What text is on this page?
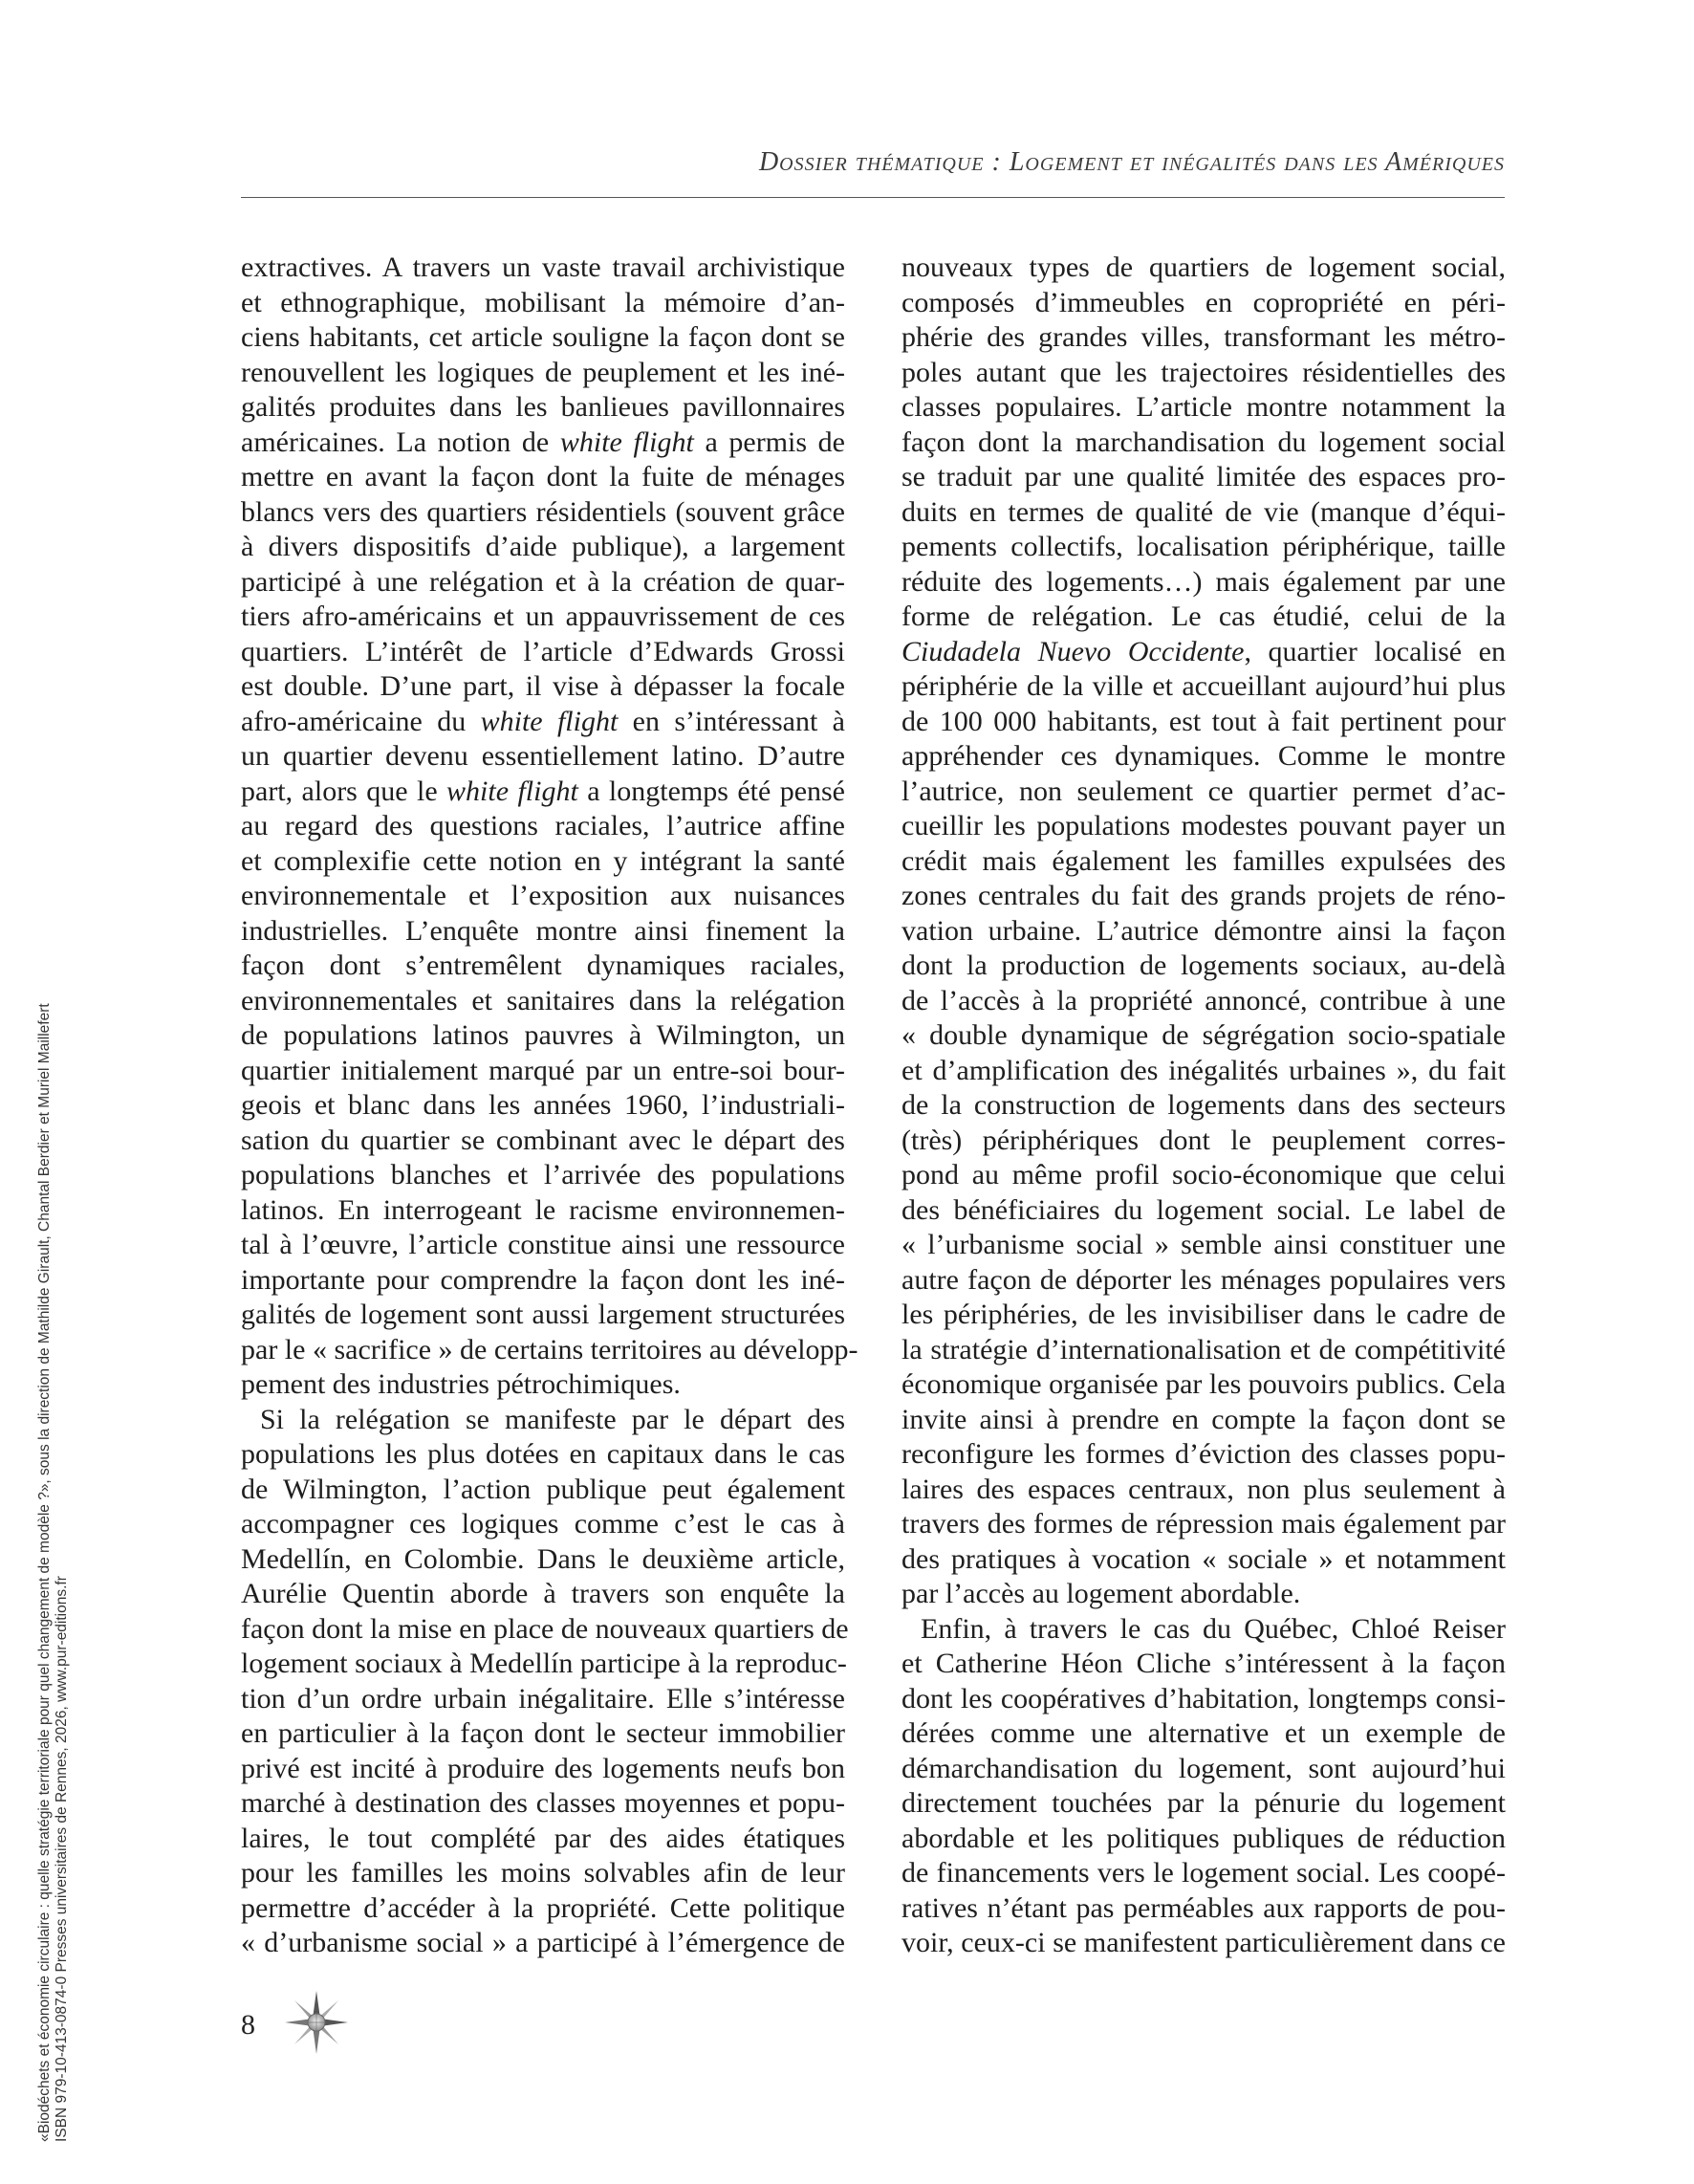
Dossier thématique : Logement et inégalités dans les Amériques
extractives. A travers un vaste travail archivistique
et ethnographique, mobilisant la mémoire d’an-
ciens habitants, cet article souligne la façon dont se
renouvellent les logiques de peuplement et les iné-
galités produites dans les banlieues pavillonnaires
américaines. La notion de white flight a permis de
mettre en avant la façon dont la fuite de ménages
blancs vers des quartiers résidentiels (souvent grâce
à divers dispositifs d’aide publique), a largement
participé à une relégation et à la création de quar-
tiers afro-américains et un appauvrissement de ces
quartiers. L’intérêt de l’article d’Edwards Grossi
est double. D’une part, il vise à dépasser la focale
afro-américaine du white flight en s’intéressant à
un quartier devenu essentiellement latino. D’autre
part, alors que le white flight a longtemps été pensé
au regard des questions raciales, l’autrice affine
et complexifie cette notion en y intégrant la santé
environnementale et l’exposition aux nuisances
industrielles. L’enquête montre ainsi finement la
façon dont s’entremêlent dynamiques raciales,
environnementales et sanitaires dans la relégation
de populations latinos pauvres à Wilmington, un
quartier initialement marqué par un entre-soi bour-
geois et blanc dans les années 1960, l’industriali-
sation du quartier se combinant avec le départ des
populations blanches et l’arrivée des populations
latinos. En interrogeant le racisme environnemen-
tal à l’œuvre, l’article constitue ainsi une ressource
importante pour comprendre la façon dont les iné-
galités de logement sont aussi largement structurées
par le « sacrifice » de certains territoires au développ-
pement des industries pétrochimiques.
Si la relégation se manifeste par le départ des
populations les plus dotées en capitaux dans le cas
de Wilmington, l’action publique peut également
accompagner ces logiques comme c’est le cas à
Medellín, en Colombie. Dans le deuxième article,
Aurélie Quentin aborde à travers son enquête la
façon dont la mise en place de nouveaux quartiers de
logement sociaux à Medellín participe à la reproduc-
tion d’un ordre urbain inégalitaire. Elle s’intéresse
en particulier à la façon dont le secteur immobilier
privé est incité à produire des logements neufs bon
marché à destination des classes moyennes et popu-
laires, le tout complété par des aides étatiques
pour les familles les moins solvables afin de leur
permettre d’accéder à la propriété. Cette politique
« d’urbanisme social » a participé à l’émergence de
nouveaux types de quartiers de logement social,
composés d’immeubles en copropriété en péri-
phérie des grandes villes, transformant les métro-
poles autant que les trajectoires résidentielles des
classes populaires. L’article montre notamment la
façon dont la marchandisation du logement social
se traduit par une qualité limitée des espaces pro-
duits en termes de qualité de vie (manque d’équi-
pements collectifs, localisation périphérique, taille
réduite des logements…) mais également par une
forme de relégation. Le cas étudié, celui de la
Ciudadela Nuevo Occidente, quartier localisé en
périphérie de la ville et accueillant aujourd’hui plus
de 100 000 habitants, est tout à fait pertinent pour
appréhender ces dynamiques. Comme le montre
l’autrice, non seulement ce quartier permet d’ac-
cueillir les populations modestes pouvant payer un
crédit mais également les familles expulsées des
zones centrales du fait des grands projets de réno-
vation urbaine. L’autrice démontre ainsi la façon
dont la production de logements sociaux, au-delà
de l’accès à la propriété annoncé, contribue à une
« double dynamique de ségrégation socio-spatiale
et d’amplification des inégalités urbaines », du fait
de la construction de logements dans des secteurs
(très) périphériques dont le peuplement corres-
pond au même profil socio-économique que celui
des bénéficiaires du logement social. Le label de
« l’urbanisme social » semble ainsi constituer une
autre façon de déporter les ménages populaires vers
les périphéries, de les invisibiliser dans le cadre de
la stratégie d’internationalisation et de compétitivité
économique organisée par les pouvoirs publics. Cela
invite ainsi à prendre en compte la façon dont se
reconfigure les formes d’éviction des classes popu-
laires des espaces centraux, non plus seulement à
travers des formes de répression mais également par
des pratiques à vocation « sociale » et notamment
par l’accès au logement abordable.
Enfin, à travers le cas du Québec, Chloé Reiser
et Catherine Héon Cliche s’intéressent à la façon
dont les coopératives d’habitation, longtemps consi-
dérées comme une alternative et un exemple de
démarchandisation du logement, sont aujourd’hui
directement touchées par la pénurie du logement
abordable et les politiques publiques de réduction
de financements vers le logement social. Les coopé-
ratives n’étant pas perméables aux rapports de pou-
voir, ceux-ci se manifestent particulièrement dans ce
8
«Biodéchets et économie circulaire : quelle stratégie territoriale pour quel changement de modèle ?», sous la direction de Mathilde Girault, Chantal Berdier et Muriel Maillefert ISBN 979-10-413-0874-0 Presses universitaires de Rennes, 2026, www.pur-editions.fr
